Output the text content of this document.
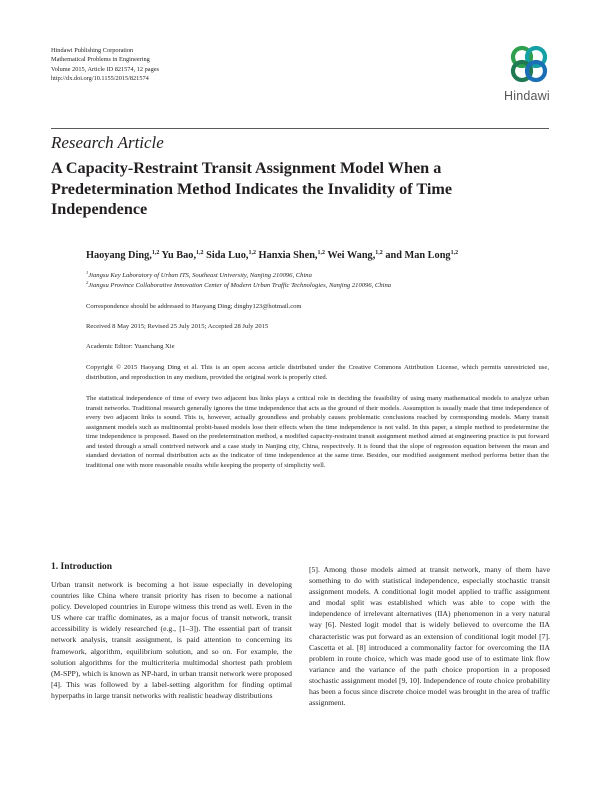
Hindawi Publishing Corporation
Mathematical Problems in Engineering
Volume 2015, Article ID 821574, 12 pages
http://dx.doi.org/10.1155/2015/821574
Hindawi
Research Article
A Capacity-Restraint Transit Assignment Model When a Predetermination Method Indicates the Invalidity of Time Independence
Haoyang Ding,$^{1,2}$ Yu Bao,$^{1,2}$ Sida Luo,$^{1,2}$ Hanxia Shen,$^{1,2}$ Wei Wang,$^{1,2}$ and Man Long$^{1,2}$
$^1$Jiangsu Key Laboratory of Urban ITS, Southeast University, Nanjing 210096, China
$^2$Jiangsu Province Collaborative Innovation Center of Modern Urban Traffic Technologies, Nanjing 210096, China
Correspondence should be addressed to Haoyang Ding; dinghy123@hotmail.com
Received 8 May 2015; Revised 25 July 2015; Accepted 28 July 2015
Academic Editor: Yuanchang Xie
Copyright © 2015 Haoyang Ding et al. This is an open access article distributed under the Creative Commons Attribution License, which permits unrestricted use, distribution, and reproduction in any medium, provided the original work is properly cited.
The statistical independence of time of every two adjacent bus links plays a critical role in deciding the feasibility of using many mathematical models to analyze urban transit networks. Traditional research generally ignores the time independence that acts as the ground of their models. Assumption is usually made that time independence of every two adjacent links is sound. This is, however, actually groundless and probably causes problematic conclusions reached by corresponding models. Many transit assignment models such as multinomial probit-based models lose their effects when the time independence is not valid. In this paper, a simple method to predetermine the time independence is proposed. Based on the predetermination method, a modified capacity-restraint transit assignment method aimed at engineering practice is put forward and tested through a small contrived network and a case study in Nanjing city, China, respectively. It is found that the slope of regression equation between the mean and standard deviation of normal distribution acts as the indicator of time independence at the same time. Besides, our modified assignment method performs better than the traditional one with more reasonable results while keeping the property of simplicity well.
1. Introduction

Urban transit network is becoming a hot issue especially in developing countries like China where transit priority has risen to become a national policy. Developed countries in Europe witness this trend as well. Even in the US where car traffic dominates, as a major focus of transit network, transit accessibility is widely researched (e.g., [1–3]). The essential part of transit network analysis, transit assignment, is paid attention to concerning its framework, algorithm, equilibrium solution, and so on. For example, the solution algorithms for the multicriteria multimodal shortest path problem (M-SPP), which is known as NP-hard, in urban transit network were proposed [4]. This was followed by a label-setting algorithm for finding optimal hyperpaths in large transit networks with realistic headway distributions

[5]. Among those models aimed at transit network, many of them have something to do with statistical independence, especially stochastic transit assignment models. A conditional logit model applied to traffic assignment and modal split was established which was able to cope with the independence of irrelevant alternatives (IIA) phenomenon in a very natural way [6]. Nested logit model that is widely believed to overcome the IIA characteristic was put forward as an extension of conditional logit model [7]. Cascetta et al. [8] introduced a commonality factor for overcoming the IIA problem in route choice, which was made good use of to estimate link flow variance and the variance of the path choice proportion in a proposed stochastic assignment model [9, 10]. Independence of route choice probability has been a focus since discrete choice model was brought in the area of traffic assignment.
